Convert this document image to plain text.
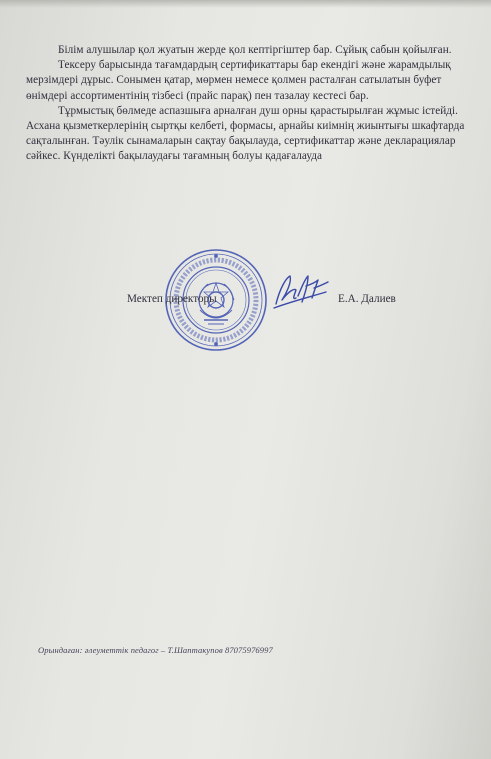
Білім алушылар қол жуатын жерде қол кептіргіштер бар. Сұйық сабын қойылған.

Тексеру барысында тағамдардың сертификаттары бар екендігі және жарамдылық мерзімдері дұрыс. Сонымен қатар, мөрмен немесе қолмен расталған сатылатын буфет өнімдері ассортиментінің тізбесі (прайс парақ) пен тазалау кестесі бар.

Тұрмыстық бөлмеде аспазшыға арналған душ орны қарастырылған жұмыс істейді. Асхана қызметкерлерінің сыртқы келбеті, формасы, арнайы киімнің жиынтығы шкафтарда сақталынған. Тәулік сынамаларын сақтау бақылауда, сертификаттар және декларациялар сәйкес. Күнделікті бақылаудағы тағамның болуы қадағалауда

Мектеп директоры	Е.А. Далиев
Орындаған: әлеуметтік педагог – Т.Шаптакупов 87075976997
